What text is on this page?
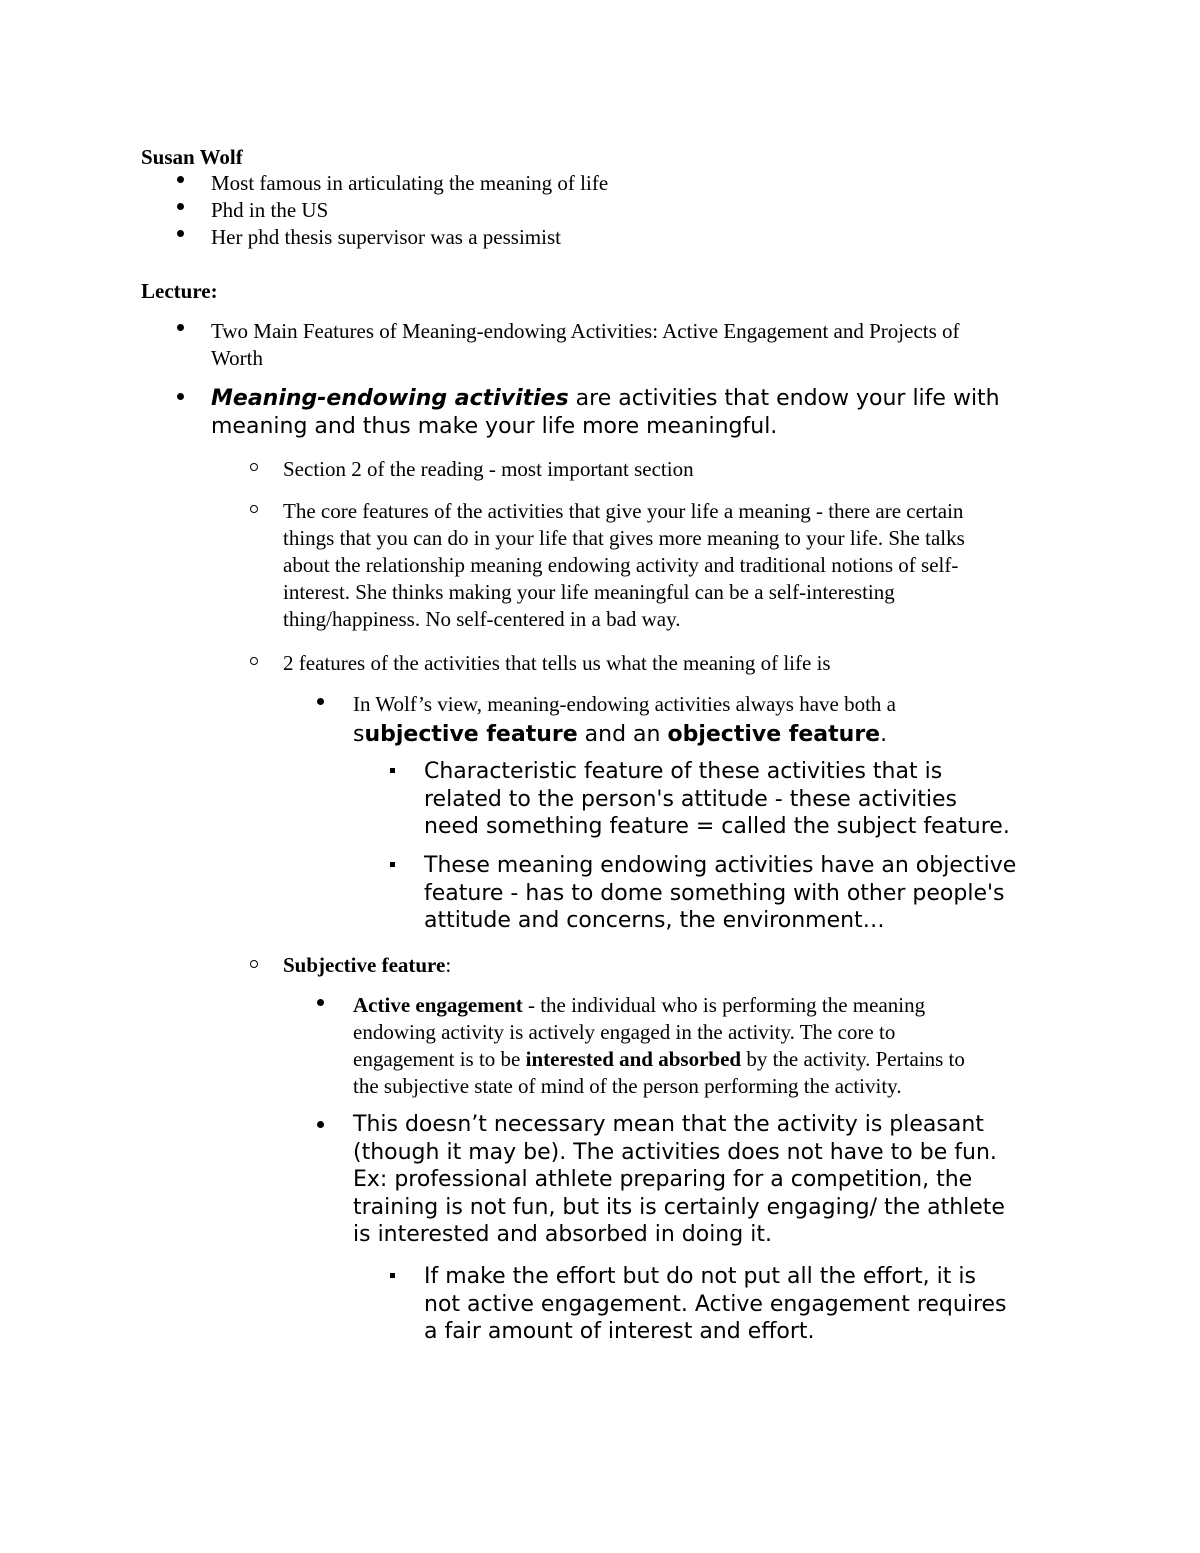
Susan Wolf
Most famous in articulating the meaning of life
Phd in the US
Her phd thesis supervisor was a pessimist
Lecture:
Two Main Features of Meaning-endowing Activities: Active Engagement and Projects of
Worth
Meaning-endowing activities are activities that endow your life with
meaning and thus make your life more meaningful.
Section 2 of the reading - most important section
The core features of the activities that give your life a meaning - there are certain
things that you can do in your life that gives more meaning to your life. She talks
about the relationship meaning endowing activity and traditional notions of self-
interest. She thinks making your life meaningful can be a self-interesting
thing/happiness. No self-centered in a bad way.
2 features of the activities that tells us what the meaning of life is
In Wolf’s view, meaning-endowing activities always have both a
subjective feature and an objective feature.
Characteristic feature of these activities that is
related to the person's attitude - these activities
need something feature = called the subject feature.
These meaning endowing activities have an objective
feature - has to dome something with other people's
attitude and concerns, the environment…
Subjective feature:
Active engagement - the individual who is performing the meaning
endowing activity is actively engaged in the activity. The core to
engagement is to be interested and absorbed by the activity. Pertains to
the subjective state of mind of the person performing the activity.
This doesn’t necessary mean that the activity is pleasant
(though it may be). The activities does not have to be fun.
Ex: professional athlete preparing for a competition, the
training is not fun, but its is certainly engaging/ the athlete
is interested and absorbed in doing it.
If make the effort but do not put all the effort, it is
not active engagement. Active engagement requires
a fair amount of interest and effort.
